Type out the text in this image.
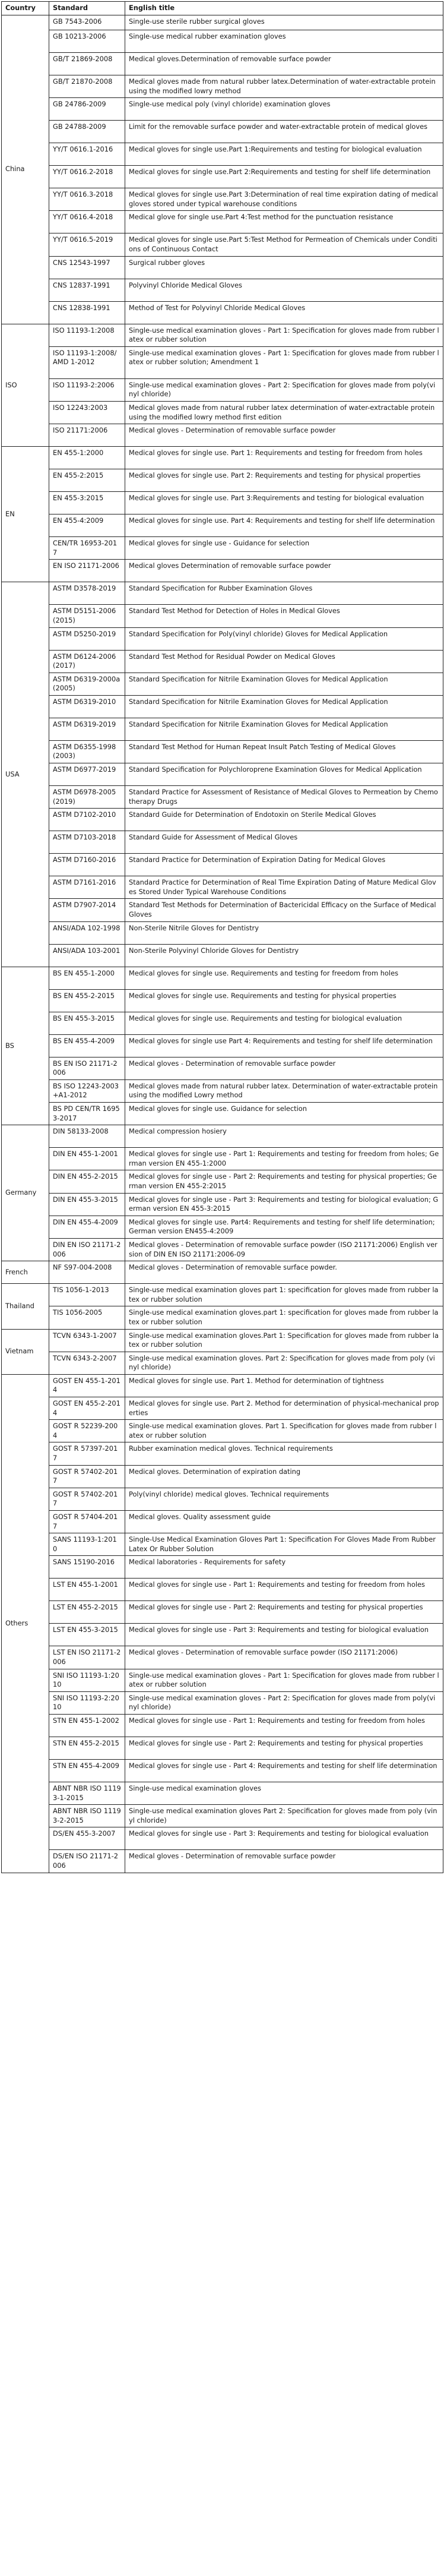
Country	Standard	English title
China	GB 7543-2006	Single-use sterile rubber surgical gloves
	GB 10213-2006	Single-use medical rubber examination gloves
	GB/T 21869-2008	Medical gloves.Determination of removable surface powder
	GB/T 21870-2008	Medical gloves made from natural rubber latex.Determination of water-extractable protein using the modified lowry method
	GB 24786-2009	Single-use medical poly (vinyl chloride) examination gloves
	GB 24788-2009	Limit for the removable surface powder and water-extractable protein of medical gloves
	YY/T 0616.1-2016	Medical gloves for single use.Part 1:Requirements and testing for biological evaluation
	YY/T 0616.2-2018	Medical gloves for single use.Part 2:Requirements and testing for shelf life determination
	YY/T 0616.3-2018	Medical gloves for single use.Part 3:Determination of real time expiration dating of medical gloves stored under typical warehouse conditions
	YY/T 0616.4-2018	Medical glove for single use.Part 4:Test method for the punctuation resistance
	YY/T 0616.5-2019	Medical gloves for single use.Part 5:Test Method for Permeation of Chemicals under Conditions of Continuous Contact
	CNS 12543-1997	Surgical rubber gloves
	CNS 12837-1991	Polyvinyl Chloride Medical Gloves
	CNS 12838-1991	Method of Test for Polyvinyl Chloride Medical Gloves
ISO	ISO 11193-1:2008	Single-use medical examination gloves - Part 1: Specification for gloves made from rubber latex or rubber solution
	ISO 11193-1:2008/AMD 1-2012	Single-use medical examination gloves - Part 1: Specification for gloves made from rubber latex or rubber solution; Amendment 1
	ISO 11193-2:2006	Single-use medical examination gloves - Part 2: Specification for gloves made from poly(vinyl chloride)
	ISO 12243:2003	Medical gloves made from natural rubber latex determination of water-extractable protein using the modified lowry method first edition
	ISO 21171:2006	Medical gloves - Determination of removable surface powder
EN	EN 455-1:2000	Medical gloves for single use. Part 1: Requirements and testing for freedom from holes
	EN 455-2:2015	Medical gloves for single use. Part 2: Requirements and testing for physical properties
	EN 455-3:2015	Medical gloves for single use. Part 3:Requirements and testing for biological evaluation
	EN 455-4:2009	Medical gloves for single use. Part 4: Requirements and testing for shelf life determination
	CEN/TR 16953-2017	Medical gloves for single use - Guidance for selection
	EN ISO 21171-2006	Medical gloves Determination of removable surface powder
USA	ASTM D3578-2019	Standard Specification for Rubber Examination Gloves
	ASTM D5151-2006(2015)	Standard Test Method for Detection of Holes in Medical Gloves
	ASTM D5250-2019	Standard Specification for Poly(vinyl chloride) Gloves for Medical Application
	ASTM D6124-2006(2017)	Standard Test Method for Residual Powder on Medical Gloves
	ASTM D6319-2000a(2005)	Standard Specification for Nitrile Examination Gloves for Medical Application
	ASTM D6319-2010	Standard Specification for Nitrile Examination Gloves for Medical Application
	ASTM D6319-2019	Standard Specification for Nitrile Examination Gloves for Medical Application
	ASTM D6355-1998(2003)	Standard Test Method for Human Repeat Insult Patch Testing of Medical Gloves
	ASTM D6977-2019	Standard Specification for Polychloroprene Examination Gloves for Medical Application
	ASTM D6978-2005(2019)	Standard Practice for Assessment of Resistance of Medical Gloves to Permeation by Chemotherapy Drugs
	ASTM D7102-2010	Standard Guide for Determination of Endotoxin on Sterile Medical Gloves
	ASTM D7103-2018	Standard Guide for Assessment of Medical Gloves
	ASTM D7160-2016	Standard Practice for Determination of Expiration Dating for Medical Gloves
	ASTM D7161-2016	Standard Practice for Determination of Real Time Expiration Dating of Mature Medical Gloves Stored Under Typical Warehouse Conditions
	ASTM D7907-2014	Standard Test Methods for Determination of Bactericidal Efficacy on the Surface of Medical Gloves
	ANSI/ADA 102-1998	Non-Sterile Nitrile Gloves for Dentistry
	ANSI/ADA 103-2001	Non-Sterile Polyvinyl Chloride Gloves for Dentistry
BS	BS EN 455-1-2000	Medical gloves for single use. Requirements and testing for freedom from holes
	BS EN 455-2-2015	Medical gloves for single use. Requirements and testing for physical properties
	BS EN 455-3-2015	Medical gloves for single use. Requirements and testing for biological evaluation
	BS EN 455-4-2009	Medical gloves for single use Part 4: Requirements and testing for shelf life determination
	BS EN ISO 21171-2006	Medical gloves - Determination of removable surface powder
	BS ISO 12243-2003+A1-2012	Medical gloves made from natural rubber latex. Determination of water-extractable protein using the modified Lowry method
	BS PD CEN/TR 16953-2017	Medical gloves for single use. Guidance for selection
Germany	DIN 58133-2008	Medical compression hosiery
	DIN EN 455-1-2001	Medical gloves for single use - Part 1: Requirements and testing for freedom from holes; German version EN 455-1:2000
	DIN EN 455-2-2015	Medical gloves for single use - Part 2: Requirements and testing for physical properties; German version EN 455-2:2015
	DIN EN 455-3-2015	Medical gloves for single use - Part 3: Requirements and testing for biological evaluation; German version EN 455-3:2015
	DIN EN 455-4-2009	Medical gloves for single use. Part4: Requirements and testing for shelf life determination; German version EN455-4:2009
	DIN EN ISO 21171-2006	Medical gloves - Determination of removable surface powder (ISO 21171:2006) English version of DIN EN ISO 21171:2006-09
French	NF S97-004-2008	Medical gloves - Determination of removable surface powder.
Thailand	TIS 1056-1-2013	Single-use medical examination gloves part 1: specification for gloves made from rubber latex or rubber solution
	TIS 1056-2005	Single-use medical examination gloves.part 1: specification for gloves made from rubber latex or rubber solution
Vietnam	TCVN 6343-1-2007	Single-use medical examination gloves.Part 1: Specification for gloves made from rubber latex or rubber solution
	TCVN 6343-2-2007	Single-use medical examination gloves. Part 2: Specification for gloves made from poly (vinyl chloride)
Others	GOST EN 455-1-2014	Medical gloves for single use. Part 1. Method for determination of tightness
	GOST EN 455-2-2014	Medical gloves for single use. Part 2. Method for determination of physical-mechanical properties
	GOST R 52239-2004	Single-use medical examination gloves. Part 1. Specification for gloves made from rubber latex or rubber solution
	GOST R 57397-2017	Rubber examination medical gloves. Technical requirements
	GOST R 57402-2017	Medical gloves. Determination of expiration dating
	GOST R 57402-2017	Poly(vinyl chloride) medical gloves. Technical requirements
	GOST R 57404-2017	Medical gloves. Quality assessment guide
	SANS 11193-1:2010	Single-Use Medical Examination Gloves Part 1: Specification For Gloves Made From Rubber Latex Or Rubber Solution
	SANS 15190-2016	Medical laboratories - Requirements for safety
	LST EN 455-1-2001	Medical gloves for single use - Part 1: Requirements and testing for freedom from holes
	LST EN 455-2-2015	Medical gloves for single use - Part 2: Requirements and testing for physical properties
	LST EN 455-3-2015	Medical gloves for single use - Part 3: Requirements and testing for biological evaluation
	LST EN ISO 21171-2006	Medical gloves - Determination of removable surface powder (ISO 21171:2006)
	SNI ISO 11193-1:2010	Single-use medical examination gloves - Part 1: Specification for gloves made from rubber latex or rubber solution
	SNI ISO 11193-2:2010	Single-use medical examination gloves - Part 2: Specification for gloves made from poly(vinyl chloride)
	STN EN 455-1-2002	Medical gloves for single use - Part 1: Requirements and testing for freedom from holes
	STN EN 455-2-2015	Medical gloves for single use - Part 2: Requirements and testing for physical properties
	STN EN 455-4-2009	Medical gloves for single use - Part 4: Requirements and testing for shelf life determination
	ABNT NBR ISO 11193-1-2015	Single-use medical examination gloves
	ABNT NBR ISO 11193-2-2015	Single-use medical examination gloves Part 2: Specification for gloves made from poly (vinyl chloride)
	DS/EN 455-3-2007	Medical gloves for single use - Part 3: Requirements and testing for biological evaluation
	DS/EN ISO 21171-2006	Medical gloves - Determination of removable surface powder
